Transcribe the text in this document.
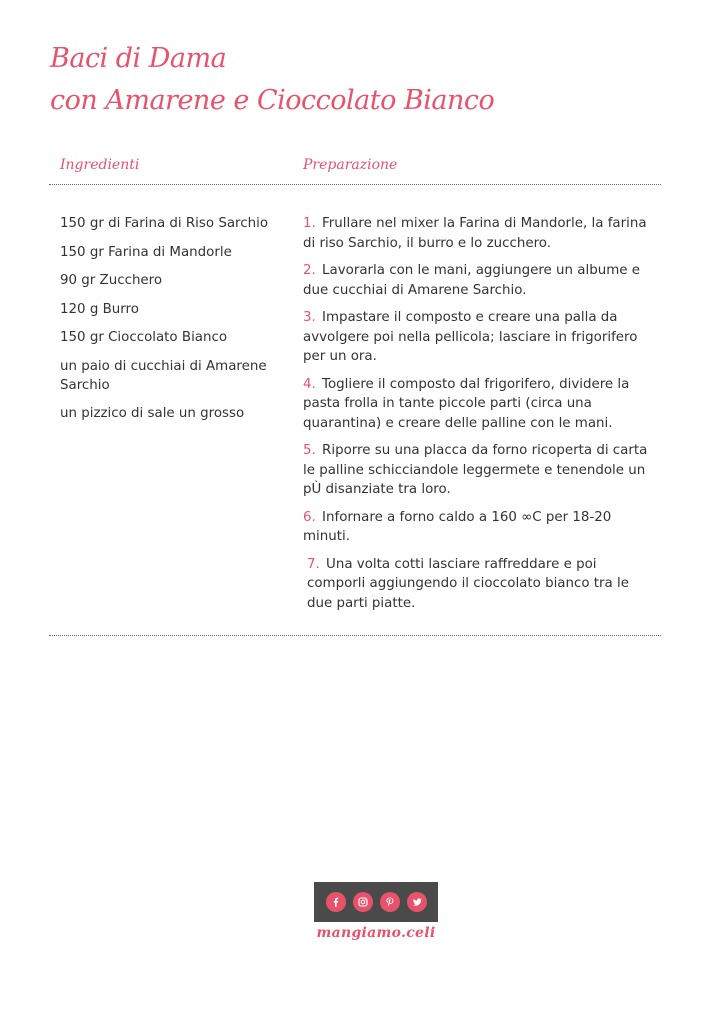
Baci di Dama
con Amarene e Cioccolato Bianco
Ingredienti	Preparazione
150 gr di Farina di Riso Sarchio
150 gr Farina di Mandorle
90 gr Zucchero
120 g Burro
150 gr Cioccolato Bianco
un paio di cucchiai di Amarene Sarchio
un pizzico di sale un grosso
1. Frullare nel mixer la Farina di Mandorle, la farina di riso Sarchio, il burro e lo zucchero.
2. Lavorarla con le mani, aggiungere un albume e due cucchiai di Amarene Sarchio.
3. Impastare il composto e creare una palla da avvolgere poi nella pellicola; lasciare in frigorifero per un ora.
4. Togliere il composto dal frigorifero, dividere la pasta frolla in tante piccole parti (circa una quarantina) e creare delle palline con le mani.
5. Riporre su una placca da forno ricoperta di carta le palline schicciandole leggermete e tenendole un pÙ disanziate tra loro.
6. Infornare a forno caldo a 160 ∞C per 18-20 minuti.
7. Una volta cotti lasciare raffreddare e poi comporli aggiungendo il cioccolato bianco tra le due parti piatte.
mangiamo.celi
